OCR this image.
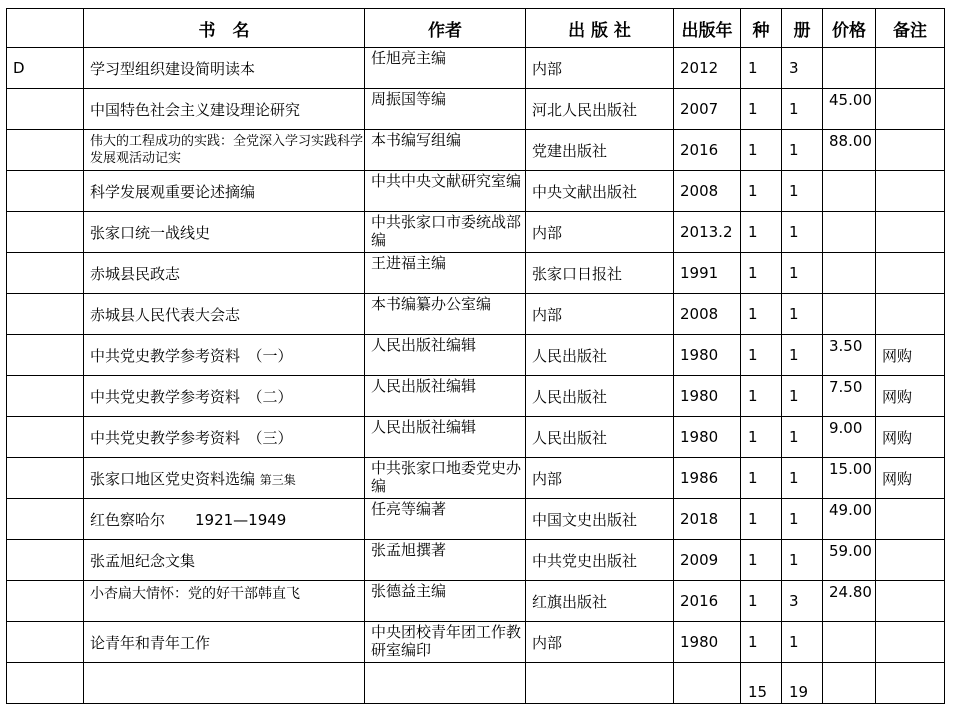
	书　名	作者	出 版 社	出版年	种	册	价格	备注
D	学习型组织建设简明读本	任旭亮主编	内部	2012	1	3		
	中国特色社会主义建设理论研究	周振国等编	河北人民出版社	2007	1	1	45.00	
	伟大的工程成功的实践：全党深入学习实践科学发展观活动记实	本书编写组编	党建出版社	2016	1	1	88.00	
	科学发展观重要论述摘编	中共中央文献研究室编	中央文献出版社	2008	1	1		
	张家口统一战线史	中共张家口市委统战部编	内部	2013.2	1	1		
	赤城县民政志	王进福主编	张家口日报社	1991	1	1		
	赤城县人民代表大会志	本书编纂办公室编	内部	2008	1	1		
	中共党史教学参考资料　（一）	人民出版社编辑	人民出版社	1980	1	1	3.50	网购
	中共党史教学参考资料　（二）	人民出版社编辑	人民出版社	1980	1	1	7.50	网购
	中共党史教学参考资料　（三）	人民出版社编辑	人民出版社	1980	1	1	9.00	网购
	张家口地区党史资料选编 第三集	中共张家口地委党史办编	内部	1986	1	1	15.00	网购
	红色察哈尔　　1921—1949	任亮等编著	中国文史出版社	2018	1	1	49.00	
	张孟旭纪念文集	张孟旭撰著	中共党史出版社	2009	1	1	59.00	
	小杏扁大情怀：党的好干部韩直飞	张德益主编	红旗出版社	2016	1	3	24.80	
	论青年和青年工作	中央团校青年团工作教研室编印	内部	1980	1	1		
					15	19		
